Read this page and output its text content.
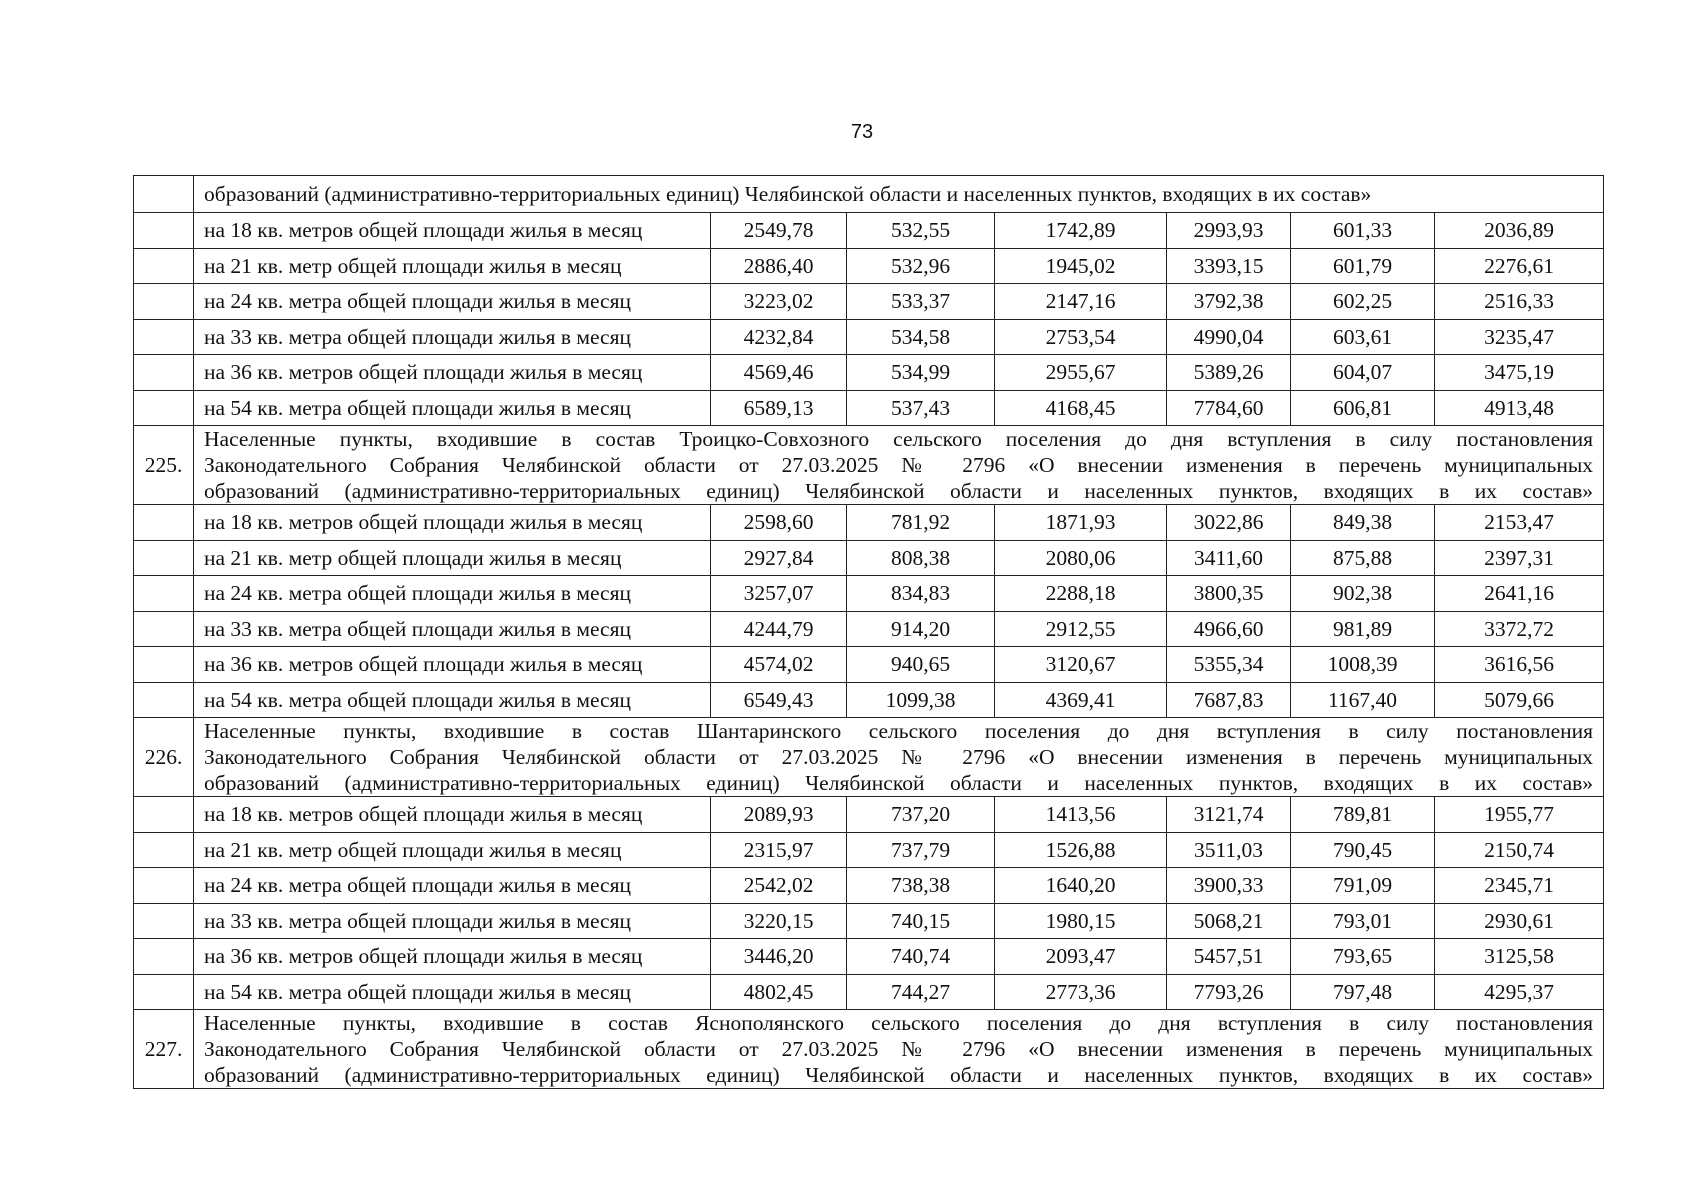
73

	образований (административно-территориальных единиц) Челябинской области и населенных пунктов, входящих в их состав»						

	на 18 кв. метров общей площади жилья в месяц	2549,78	532,55	1742,89	2993,93	601,33	2036,89
	на 21 кв. метр общей площади жилья в месяц	2886,40	532,96	1945,02	3393,15	601,79	2276,61
	на 24 кв. метра общей площади жилья в месяц	3223,02	533,37	2147,16	3792,38	602,25	2516,33
	на 33 кв. метра общей площади жилья в месяц	4232,84	534,58	2753,54	4990,04	603,61	3235,47
	на 36 кв. метров общей площади жилья в месяц	4569,46	534,99	2955,67	5389,26	604,07	3475,19
	на 54 кв. метра общей площади жилья в месяц	6589,13	537,43	4168,45	7784,60	606,81	4913,48
225.	Населенные пункты, входившие в состав Троицко-Совхозного сельского поселения до дня вступления в силу постановления
Законодательного Собрания Челябинской области от 27.03.2025 № 2796 «О внесении изменения в перечень муниципальных
образований (административно-территориальных единиц) Челябинской области и населенных пунктов, входящих в их состав»						

	на 18 кв. метров общей площади жилья в месяц	2598,60	781,92	1871,93	3022,86	849,38	2153,47
	на 21 кв. метр общей площади жилья в месяц	2927,84	808,38	2080,06	3411,60	875,88	2397,31
	на 24 кв. метра общей площади жилья в месяц	3257,07	834,83	2288,18	3800,35	902,38	2641,16
	на 33 кв. метра общей площади жилья в месяц	4244,79	914,20	2912,55	4966,60	981,89	3372,72
	на 36 кв. метров общей площади жилья в месяц	4574,02	940,65	3120,67	5355,34	1008,39	3616,56
	на 54 кв. метра общей площади жилья в месяц	6549,43	1099,38	4369,41	7687,83	1167,40	5079,66
226.	Населенные пункты, входившие в состав Шантаринского сельского поселения до дня вступления в силу постановления
Законодательного Собрания Челябинской области от 27.03.2025 № 2796 «О внесении изменения в перечень муниципальных
образований (административно-территориальных единиц) Челябинской области и населенных пунктов, входящих в их состав»						

	на 18 кв. метров общей площади жилья в месяц	2089,93	737,20	1413,56	3121,74	789,81	1955,77
	на 21 кв. метр общей площади жилья в месяц	2315,97	737,79	1526,88	3511,03	790,45	2150,74
	на 24 кв. метра общей площади жилья в месяц	2542,02	738,38	1640,20	3900,33	791,09	2345,71
	на 33 кв. метра общей площади жилья в месяц	3220,15	740,15	1980,15	5068,21	793,01	2930,61
	на 36 кв. метров общей площади жилья в месяц	3446,20	740,74	2093,47	5457,51	793,65	3125,58
	на 54 кв. метра общей площади жилья в месяц	4802,45	744,27	2773,36	7793,26	797,48	4295,37
227.	Населенные пункты, входившие в состав Яснополянского сельского поселения до дня вступления в силу постановления
Законодательного Собрания Челябинской области от 27.03.2025 № 2796 «О внесении изменения в перечень муниципальных
образований (административно-территориальных единиц) Челябинской области и населенных пунктов, входящих в их состав»						
